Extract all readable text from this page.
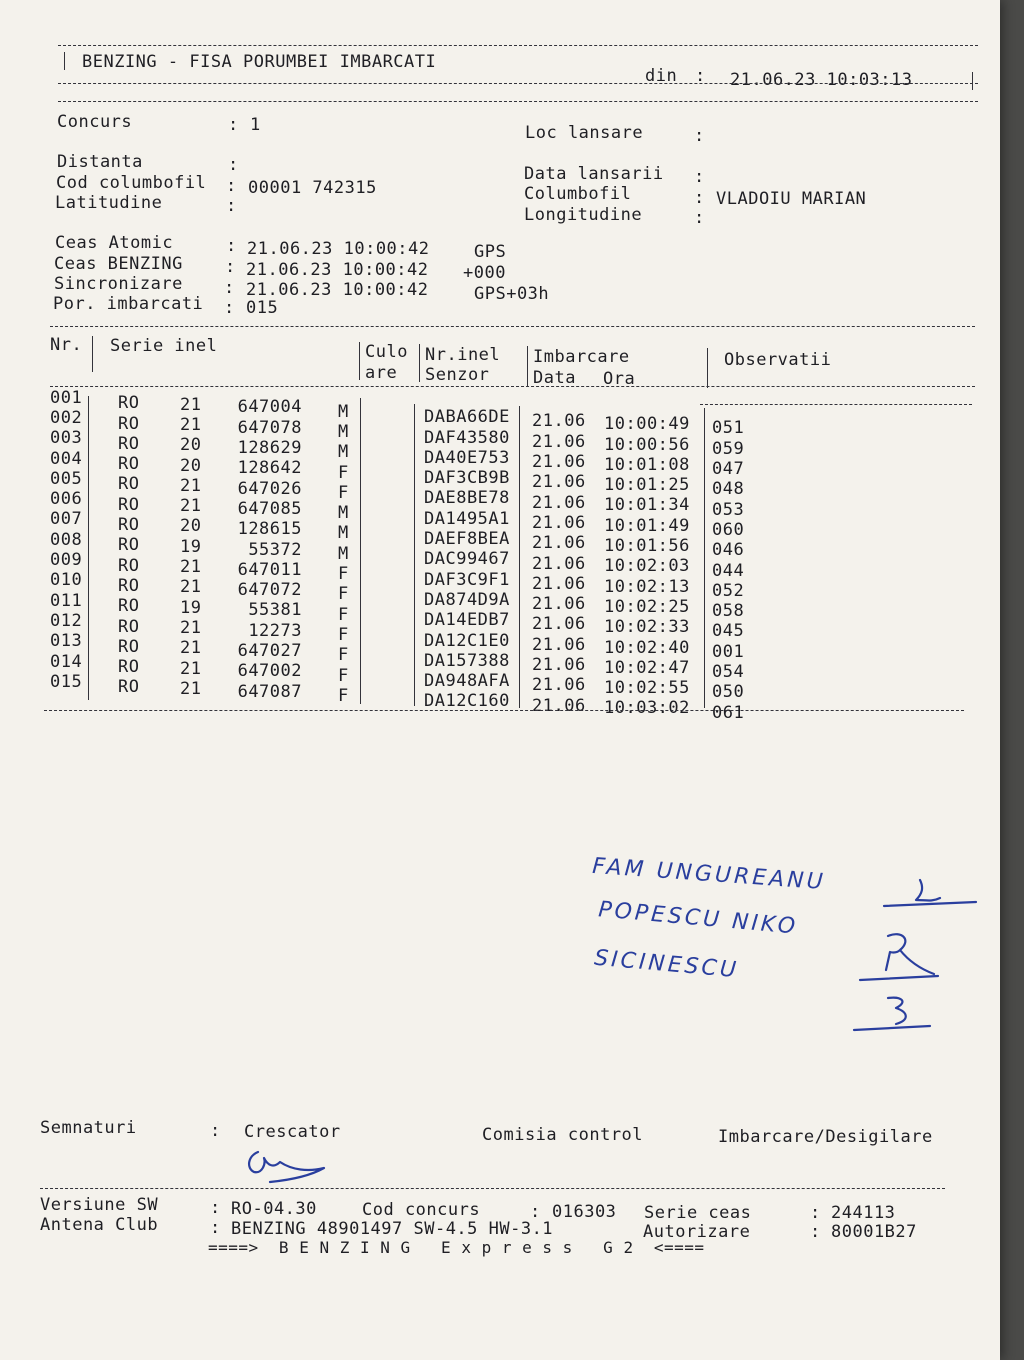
BENZING - FISA PORUMBEI IMBARCATI
din : 21.06.23 10:03:13
Concurs	: 1
Distanta	:
Cod columbofil : 00001 742315
Latitudine	:
Loc lansare	:
Data lansarii :
Columbofil	: VLADOIU MARIAN
Longitudine	:
Ceas Atomic	: 21.06.23 10:00:42	GPS
Ceas BENZING : 21.06.23 10:00:42 +000
Sincronizare : 21.06.23 10:00:42	GPS+03h
Por. imbarcati : 015
Nr. Serie inel	Culo
are
Nr.inel
Senzor
Imbarcare
Data Ora
Observatii
001	RO	21	647004 M	DABA66DE	21.06	10:00:49	051
002	RO	21	647078 M	DAF43580	21.06	10:00:56	059
003	RO	20	128629 M	DA40E753	21.06	10:01:08	047
004	RO	20	128642 F	DAF3CB9B	21.06	10:01:25	048
005	RO	21	647026 F	DAE8BE78	21.06	10:01:34	053
006	RO	21	647085 M	DA1495A1	21.06	10:01:49	060
007	RO	20	128615 M	DAEF8BEA	21.06	10:01:56	046
008	RO	19	55372 M	DAC99467	21.06	10:02:03	044
009	RO	21	647011 F	DAF3C9F1	21.06	10:02:13	052
010	RO	21	647072 F	DA874D9A	21.06	10:02:25	058
011	RO	19	55381 F	DA14EDB7	21.06	10:02:33	045
012	RO	21	12273 F	DA12C1E0	21.06	10:02:40	001
013	RO	21	647027 F	DA157388	21.06	10:02:47	054
014	RO	21	647002 F	DA948AFA	21.06	10:02:55	050
015	RO	21	647087 F	DA12C160	21.06	10:03:02	061
FAM UNGUREANU
POPESCU NIKO
SICINESCU
Semnaturi	: Crescator	Comisia control	Imbarcare/Desigilare
Versiune SW	: RO-04.30	Cod concurs	: 016303 Serie ceas	: 244113
Antena Club	: BENZING 48901497 SW-4.5 HW-3.1	Autorizare	: 80001B27
====>  B E N Z I N G   E x p r e s s   G 2  <====
